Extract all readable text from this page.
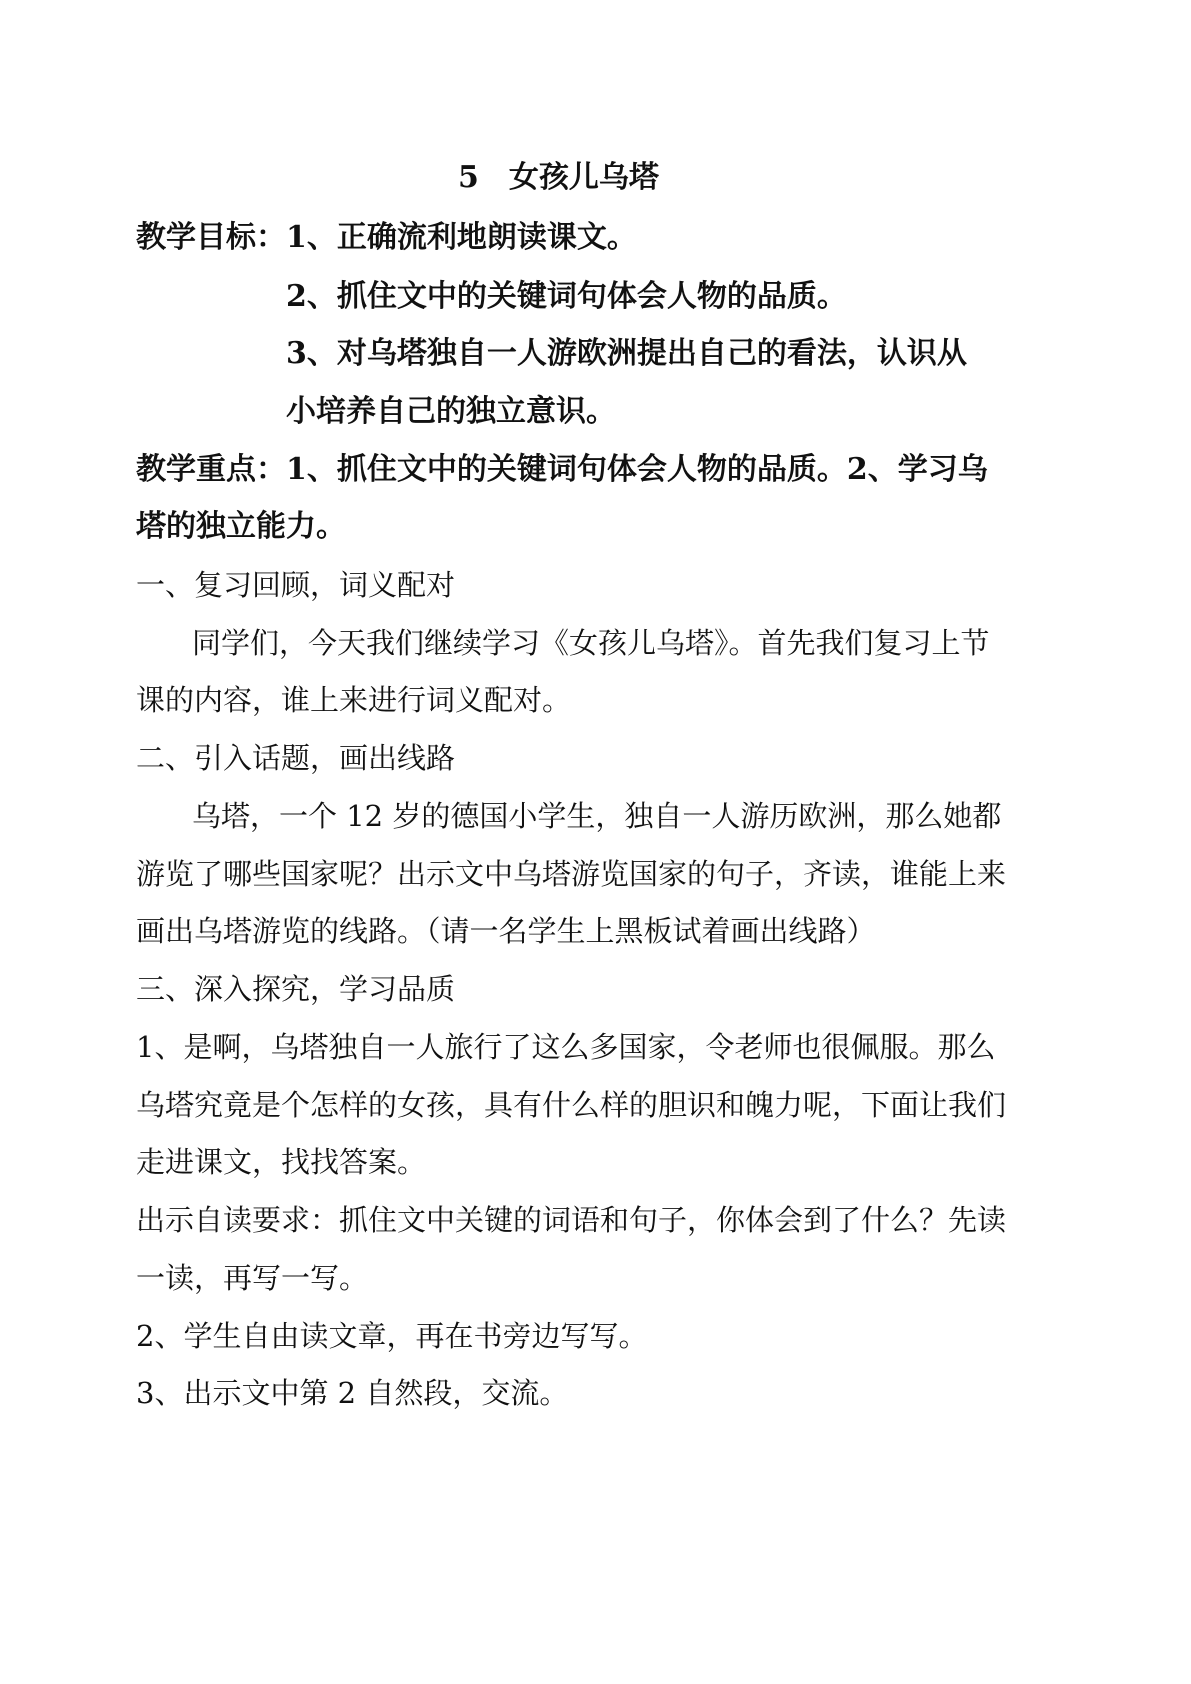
5　女孩儿乌塔
教学目标： 1、正确流利地朗读课文。
2、抓住文中的关键词句体会人物的品质。
3、对乌塔独自一人游欧洲提出自己的看法，认识从
小培养自己的独立意识。
教学重点：1、抓住文中的关键词句体会人物的品质。2、学习乌
塔的独立能力。
一、复习回顾，词义配对
同学们，今天我们继续学习《女孩儿乌塔》。首先我们复习上节
课的内容，谁上来进行词义配对。
二、引入话题，画出线路
乌塔，一个 12 岁的德国小学生，独自一人游历欧洲，那么她都
游览了哪些国家呢？出示文中乌塔游览国家的句子，齐读，谁能上来
画出乌塔游览的线路。（请一名学生上黑板试着画出线路）
三、深入探究，学习品质
1、是啊，乌塔独自一人旅行了这么多国家，令老师也很佩服。那么
乌塔究竟是个怎样的女孩，具有什么样的胆识和魄力呢，下面让我们
走进课文，找找答案。
出示自读要求：抓住文中关键的词语和句子，你体会到了什么？先读
一读，再写一写。
2、学生自由读文章，再在书旁边写写。
3、出示文中第 2 自然段，交流。
